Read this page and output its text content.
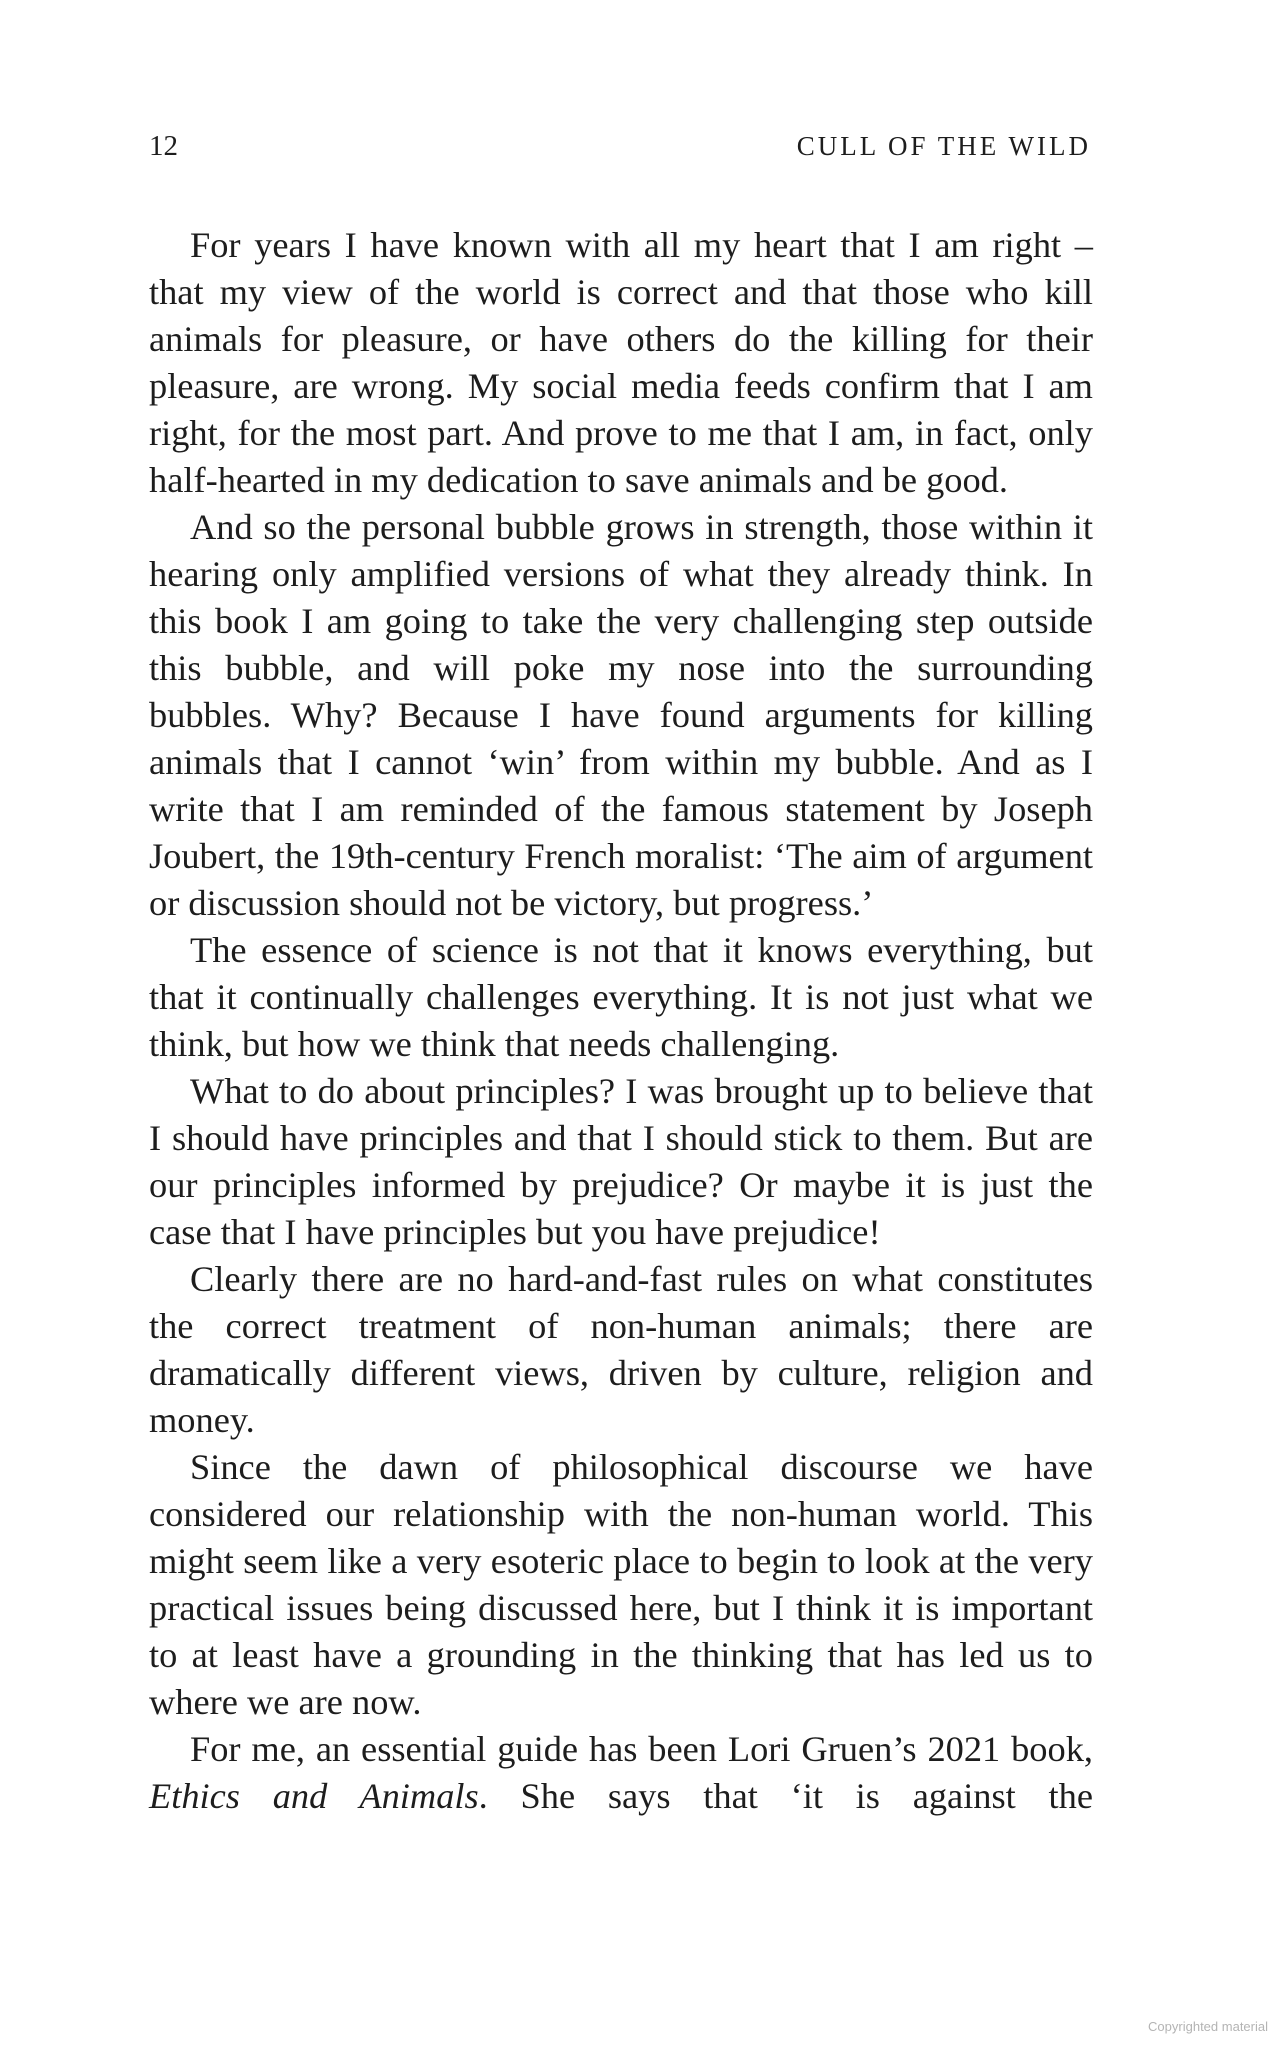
12	CULL OF THE WILD

For years I have known with all my heart that I am right – that my view of the world is correct and that those who kill animals for pleasure, or have others do the killing for their pleasure, are wrong. My social media feeds confirm that I am right, for the most part. And prove to me that I am, in fact, only half-hearted in my dedication to save animals and be good.

And so the personal bubble grows in strength, those within it hearing only amplified versions of what they already think. In this book I am going to take the very challenging step outside this bubble, and will poke my nose into the surrounding bubbles. Why? Because I have found arguments for killing animals that I cannot ‘win’ from within my bubble. And as I write that I am reminded of the famous statement by Joseph Joubert, the 19th-century French moralist: ‘The aim of argument or discussion should not be victory, but progress.’

The essence of science is not that it knows everything, but that it continually challenges everything. It is not just what we think, but how we think that needs challenging.

What to do about principles? I was brought up to believe that I should have principles and that I should stick to them. But are our principles informed by prejudice? Or maybe it is just the case that I have principles but you have prejudice!

Clearly there are no hard-and-fast rules on what constitutes the correct treatment of non-human animals; there are dramatically different views, driven by culture, religion and money.

Since the dawn of philosophical discourse we have considered our relationship with the non-human world. This might seem like a very esoteric place to begin to look at the very practical issues being discussed here, but I think it is important to at least have a grounding in the thinking that has led us to where we are now.

For me, an essential guide has been Lori Gruen’s 2021 book, Ethics and Animals. She says that ‘it is against the

Copyrighted material
